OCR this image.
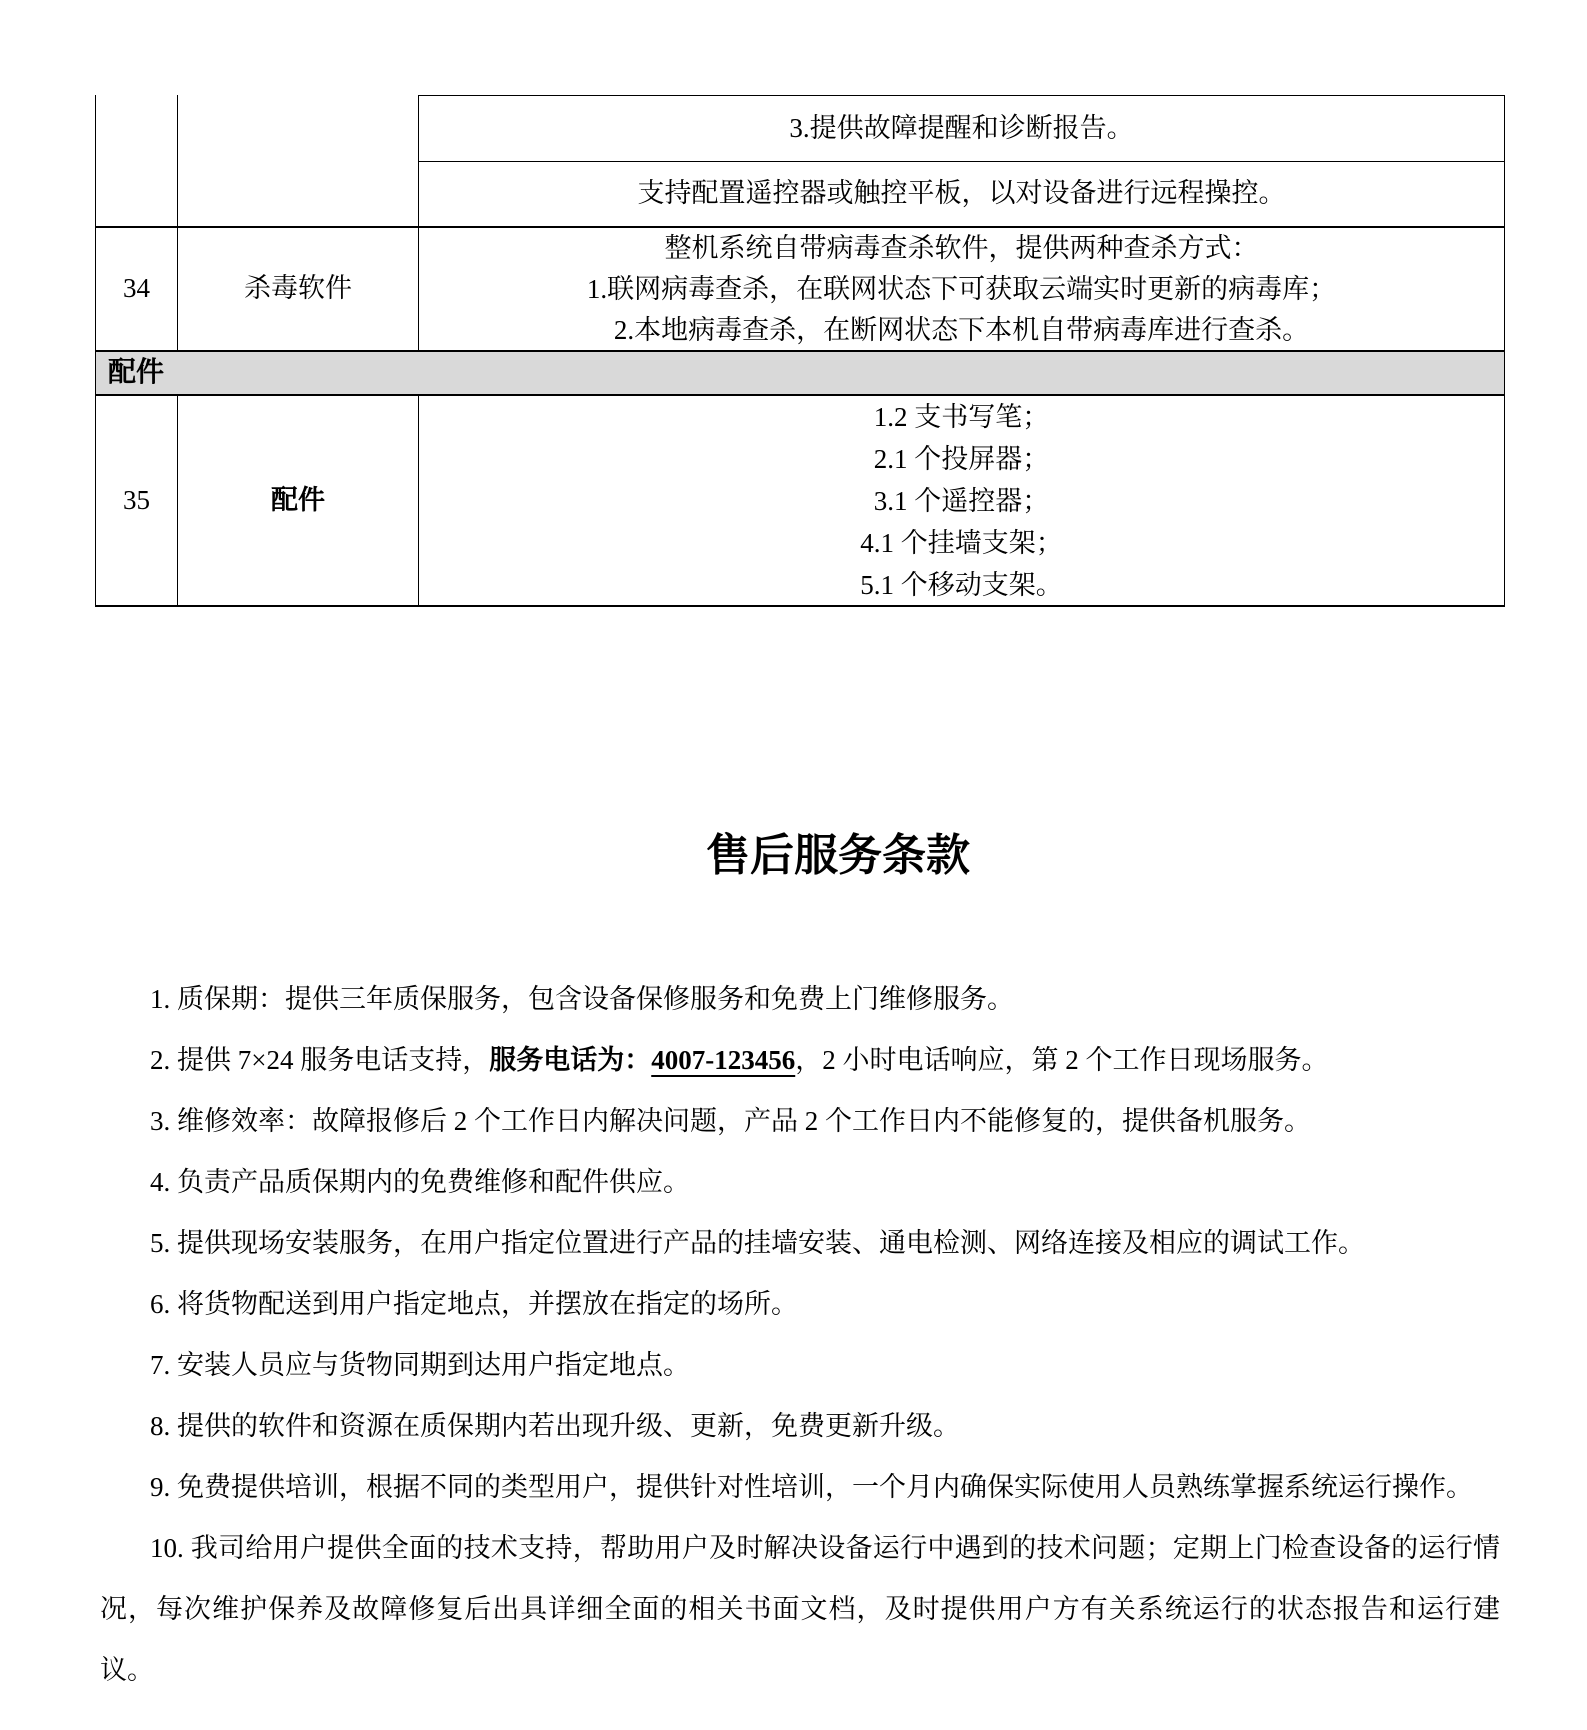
3.提供故障提醒和诊断报告。
支持配置遥控器或触控平板，以对设备进行远程操控。
34	杀毒软件
整机系统自带病毒查杀软件，提供两种查杀方式：
1.联网病毒查杀，在联网状态下可获取云端实时更新的病毒库；
2.本地病毒查杀，在断网状态下本机自带病毒库进行查杀。
配件
35	配件
1.2 支书写笔；
2.1 个投屏器；
3.1 个遥控器；
4.1 个挂墙支架；
5.1 个移动支架。
售后服务条款

1. 质保期：提供三年质保服务，包含设备保修服务和免费上门维修服务。

2. 提供 7×24 服务电话支持，服务电话为：4007-123456，2 小时电话响应，第 2 个工作日现场服务。

3. 维修效率：故障报修后 2 个工作日内解决问题，产品 2 个工作日内不能修复的，提供备机服务。

4. 负责产品质保期内的免费维修和配件供应。

5. 提供现场安装服务，在用户指定位置进行产品的挂墙安装、通电检测、网络连接及相应的调试工作。

6. 将货物配送到用户指定地点，并摆放在指定的场所。

7. 安装人员应与货物同期到达用户指定地点。

8. 提供的软件和资源在质保期内若出现升级、更新，免费更新升级。

9. 免费提供培训，根据不同的类型用户，提供针对性培训，一个月内确保实际使用人员熟练掌握系统运行操作。

10. 我司给用户提供全面的技术支持，帮助用户及时解决设备运行中遇到的技术问题；定期上门检查设备的运行情况，每次维护保养及故障修复后出具详细全面的相关书面文档，及时提供用户方有关系统运行的状态报告和运行建议。
